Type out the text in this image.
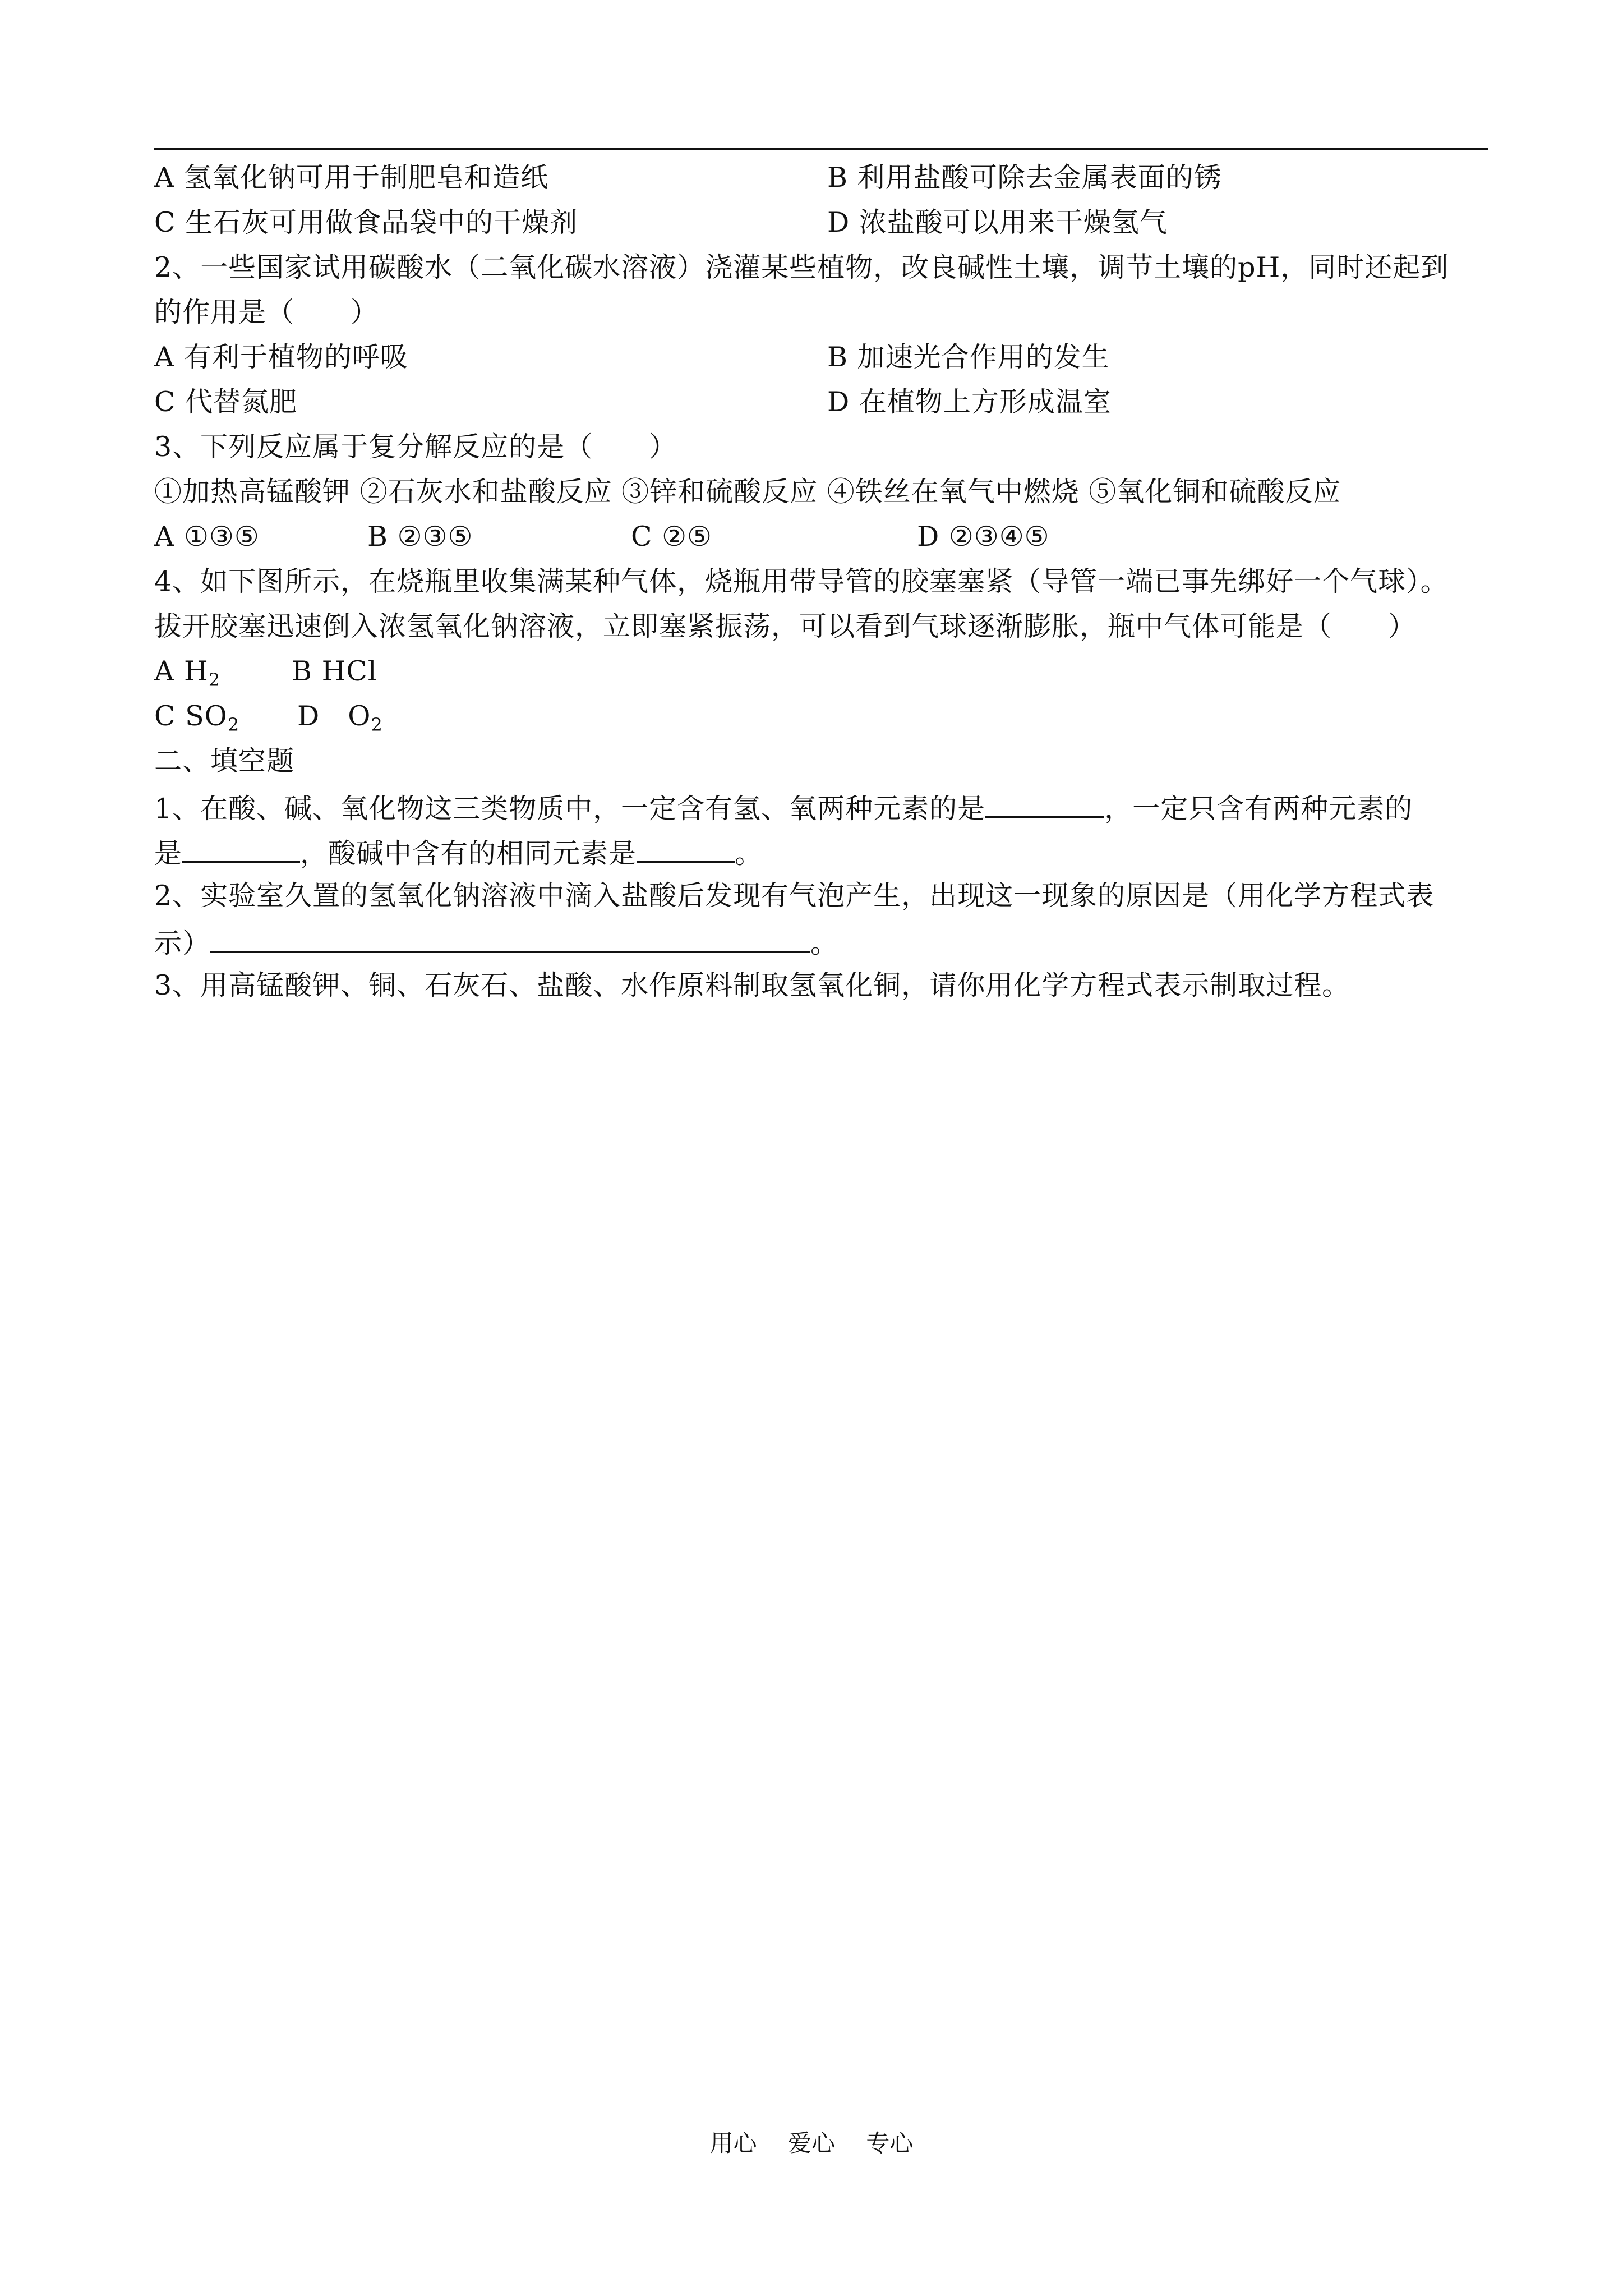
A 氢氧化钠可用于制肥皂和造纸	B 利用盐酸可除去金属表面的锈
C 生石灰可用做食品袋中的干燥剂	D 浓盐酸可以用来干燥氢气
2、一些国家试用碳酸水（二氧化碳水溶液）浇灌某些植物，改良碱性土壤，调节土壤的pH，同时还起到
的作用是（　　）
A 有利于植物的呼吸	B 加速光合作用的发生
C 代替氮肥	D 在植物上方形成温室
3、下列反应属于复分解反应的是（　　）
①加热高锰酸钾 ②石灰水和盐酸反应 ③锌和硫酸反应 ④铁丝在氧气中燃烧 ⑤氧化铜和硫酸反应
A ①③⑤	B ②③⑤	C ②⑤	D ②③④⑤
4、如下图所示，在烧瓶里收集满某种气体，烧瓶用带导管的胶塞塞紧（导管一端已事先绑好一个气球）。
拔开胶塞迅速倒入浓氢氧化钠溶液，立即塞紧振荡，可以看到气球逐渐膨胀，瓶中气体可能是（　　）
A $H_2$	B HCl
C $SO_2$ D　$O_2$
二、填空题
1、在酸、碱、氧化物这三类物质中，一定含有氢、氧两种元素的是	，一定只含有两种元素的
是	，酸碱中含有的相同元素是	。
2、实验室久置的氢氧化钠溶液中滴入盐酸后发现有气泡产生，出现这一现象的原因是（用化学方程式表
示）	。
3、用高锰酸钾、铜、石灰石、盐酸、水作原料制取氢氧化铜，请你用化学方程式表示制取过程。
用心　 爱心　 专心
